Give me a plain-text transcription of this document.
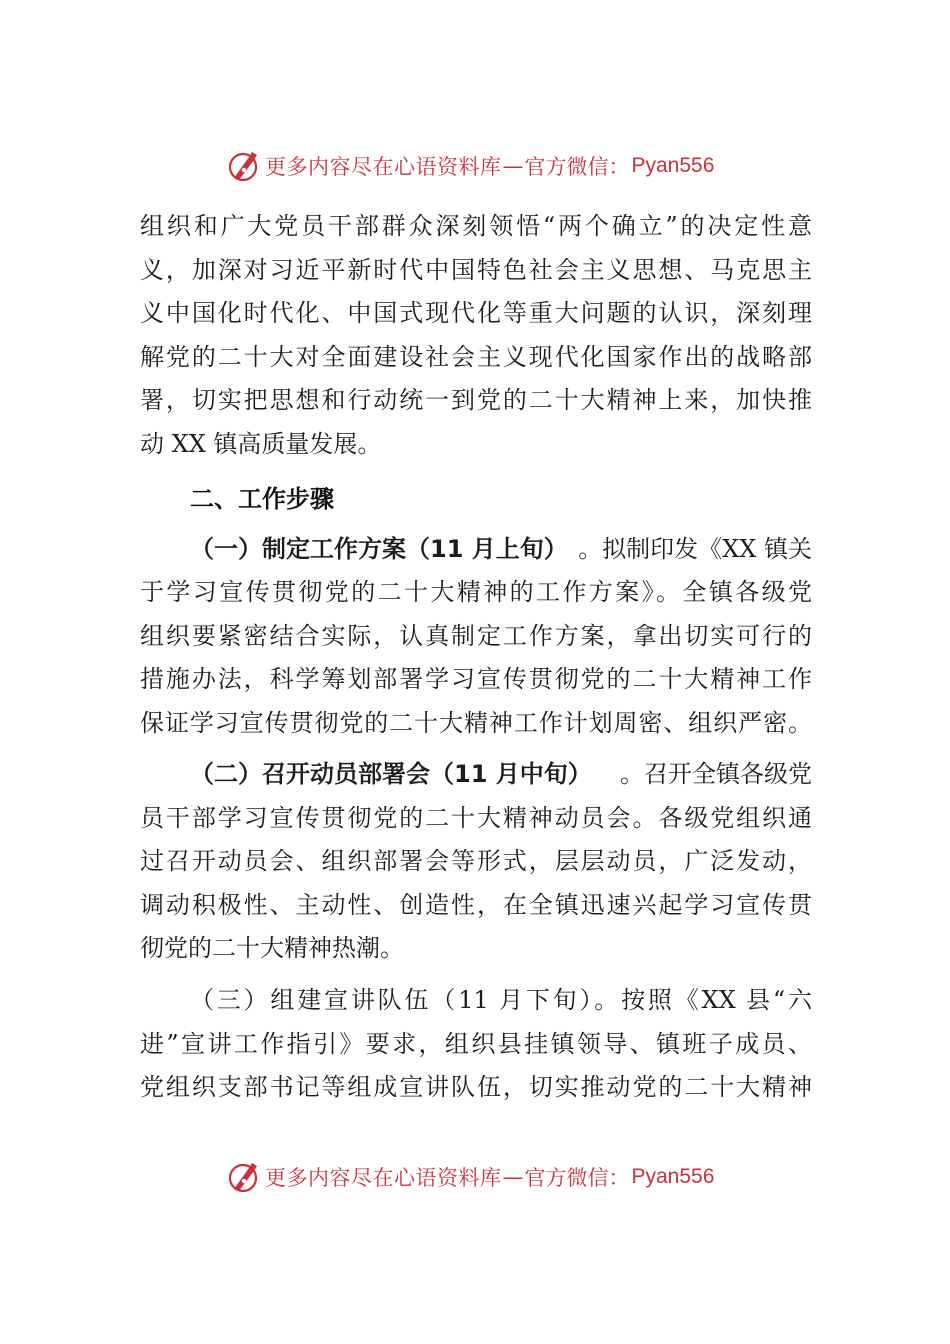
更多内容尽在心语资料库 — 官方微信： Pyan556
组织和广大党员干部群众深刻领悟“两个确立”的决定性意
义，加深对习近平新时代中国特色社会主义思想、马克思主
义中国化时代化、中国式现代化等重大问题的认识，深刻理
解党的二十大对全面建设社会主义现代化国家作出的战略部
署，切实把思想和行动统一到党的二十大精神上来，加快推
动 XX 镇高质量发展。
二、工作步骤
（一）制定工作方案（11 月上旬） 。拟制印发《XX 镇关
于学习宣传贯彻党的二十大精神的工作方案》。全镇各级党
组织要紧密结合实际，认真制定工作方案，拿出切实可行的
措施办法，科学筹划部署学习宣传贯彻党的二十大精神工作
保证学习宣传贯彻党的二十大精神工作计划周密、组织严密。
（二）召开动员部署会（11 月中旬） 。召开全镇各级党
员干部学习宣传贯彻党的二十大精神动员会。各级党组织通
过召开动员会、组织部署会等形式，层层动员，广泛发动，
调动积极性、主动性、创造性，在全镇迅速兴起学习宣传贯
彻党的二十大精神热潮。
（三）组建宣讲队伍（11 月下旬）。按照《XX 县“六
进”宣讲工作指引》要求，组织县挂镇领导、镇班子成员、
党组织支部书记等组成宣讲队伍，切实推动党的二十大精神
更多内容尽在心语资料库 — 官方微信： Pyan556
